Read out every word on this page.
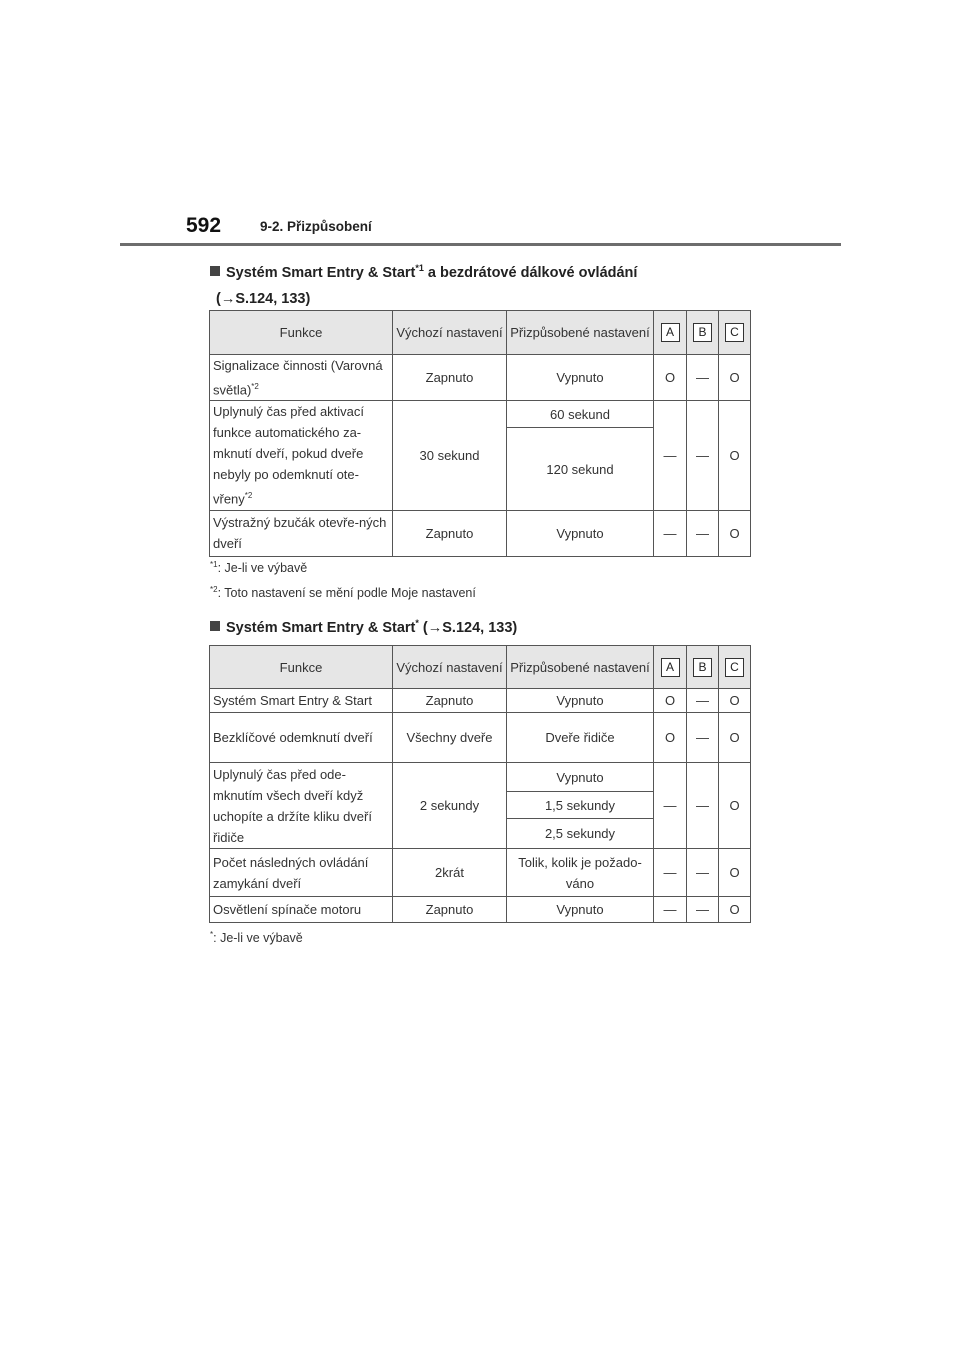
592	9-2. Přizpůsobení
Systém Smart Entry & Start$^{*1}$ a bezdrátové dálkové ovládání
(→S.124, 133)
Funkce	Výchozí nastavení	Přizpůsobené nastavení	A	B	C
Signalizace činnosti (Varovná světla)$^{*2}$	Zapnuto	Vypnuto	O	—	O
Uplynulý čas před aktivací funkce automatického za-mknutí dveří, pokud dveře nebyly po odemknutí ote-vřeny$^{*2}$	30 sekund	60 sekund	—	—	O
		120 sekund			
Výstražný bzučák otevře-ných dveří	Zapnuto	Vypnuto	—	—	O
$^{*1}$: Je-li ve výbavě
$^{*2}$: Toto nastavení se mění podle Moje nastavení
Systém Smart Entry & Start* (→S.124, 133)
Funkce	Výchozí nastavení	Přizpůsobené nastavení	A	B	C
Systém Smart Entry & Start	Zapnuto	Vypnuto	O	—	O
Bezklíčové odemknutí dveří	Všechny dveře	Dveře řidiče	O	—	O
Uplynulý čas před ode-mknutím všech dveří když uchopíte a držíte kliku dveří řidiče	2 sekundy	Vypnuto	—	—	O
		1,5 sekundy			
		2,5 sekundy			
Počet následných ovládání zamykání dveří	2krát	Tolik, kolik je požado-váno	—	—	O
Osvětlení spínače motoru	Zapnuto	Vypnuto	—	—	O
*: Je-li ve výbavě
